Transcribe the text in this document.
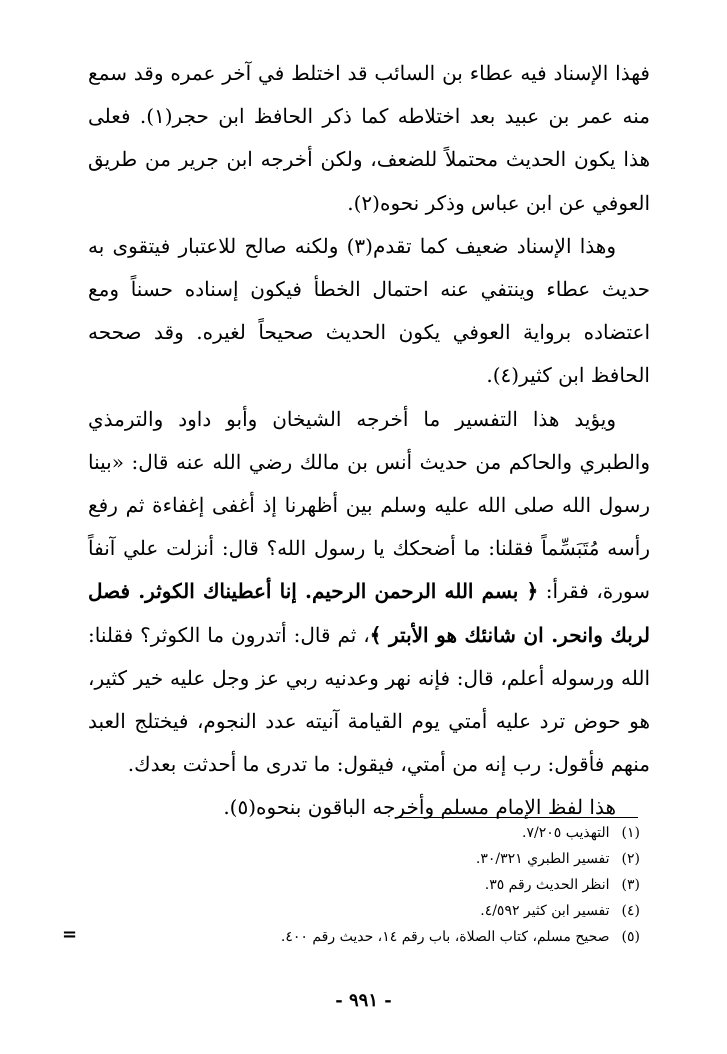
فهذا الإسناد فيه عطاء بن السائب قد اختلط في آخر عمره وقد سمع منه عمر بن عبيد بعد اختلاطه كما ذكر الحافظ ابن حجر(١). فعلى هذا يكون الحديث محتملاً للضعف، ولكن أخرجه ابن جرير من طريق العوفي عن ابن عباس وذكر نحوه(٢).

وهذا الإسناد ضعيف كما تقدم(٣) ولكنه صالح للاعتبار فيتقوى به حديث عطاء وينتفي عنه احتمال الخطأ فيكون إسناده حسناً ومع اعتضاده برواية العوفي يكون الحديث صحيحاً لغيره. وقد صححه الحافظ ابن كثير(٤).

ويؤيد هذا التفسير ما أخرجه الشيخان وأبو داود والترمذي والطبري والحاكم من حديث أنس بن مالك رضي الله عنه قال: «بينا رسول الله صلى الله عليه وسلم بين أظهرنا إذ أغفى إغفاءة ثم رفع رأسه مُتَبَسِّماً فقلنا: ما أضحكك يا رسول الله؟ قال: أنزلت علي آنفاً سورة، فقرأ: ﴿ بسم الله الرحمن الرحيم. إنا أعطيناك الكوثر. فصل لربك وانحر. ان شانئك هو الأبتر ﴾، ثم قال: أتدرون ما الكوثر؟ فقلنا: الله ورسوله أعلم، قال: فإنه نهر وعدنيه ربي عز وجل عليه خير كثير، هو حوض ترد عليه أمتي يوم القيامة آنيته عدد النجوم، فيختلج العبد منهم فأقول: رب إنه من أمتي، فيقول: ما تدرى ما أحدثت بعدك.

هذا لفظ الإمام مسلم وأخرجه الباقون بنحوه(٥).

(١) التهذيب ٧/٢٠٥.
(٢) تفسير الطبري ٣٠/٣٢١.
(٣) انظر الحديث رقم ٣٥.
(٤) تفسير ابن كثير ٤/٥٩٢.
(٥) صحيح مسلم، كتاب الصلاة، باب رقم ١٤، حديث رقم ٤٠٠.
=
- ٩٩١ -
